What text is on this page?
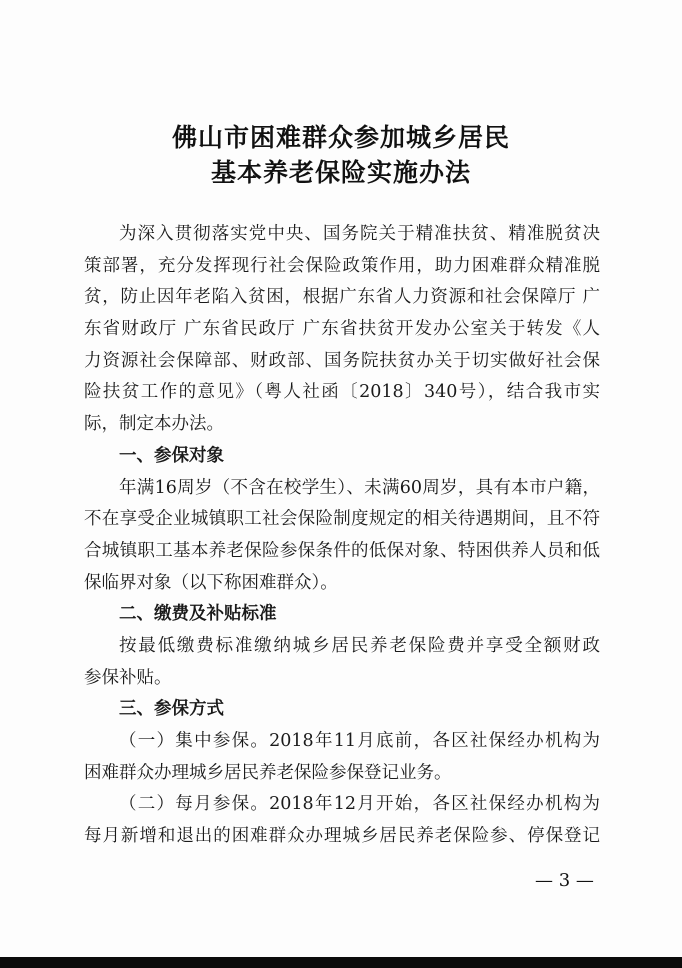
佛山市困难群众参加城乡居民
基本养老保险实施办法
为深入贯彻落实党中央、国务院关于精准扶贫、精准脱贫决
策部署，充分发挥现行社会保险政策作用，助力困难群众精准脱
贫，防止因年老陷入贫困，根据广东省人力资源和社会保障厅 广
东省财政厅 广东省民政厅 广东省扶贫开发办公室关于转发《人
力资源社会保障部、财政部、国务院扶贫办关于切实做好社会保
险扶贫工作的意见》（粤人社函〔2018〕340号），结合我市实
际，制定本办法。
一、参保对象
年满16周岁（不含在校学生）、未满60周岁，具有本市户籍，
不在享受企业城镇职工社会保险制度规定的相关待遇期间，且不符
合城镇职工基本养老保险参保条件的低保对象、特困供养人员和低
保临界对象（以下称困难群众）。
二、缴费及补贴标准
按最低缴费标准缴纳城乡居民养老保险费并享受全额财政
参保补贴。
三、参保方式
（一）集中参保。2018年11月底前，各区社保经办机构为
困难群众办理城乡居民养老保险参保登记业务。
（二）每月参保。2018年12月开始，各区社保经办机构为
每月新增和退出的困难群众办理城乡居民养老保险参、停保登记
— 3 —
